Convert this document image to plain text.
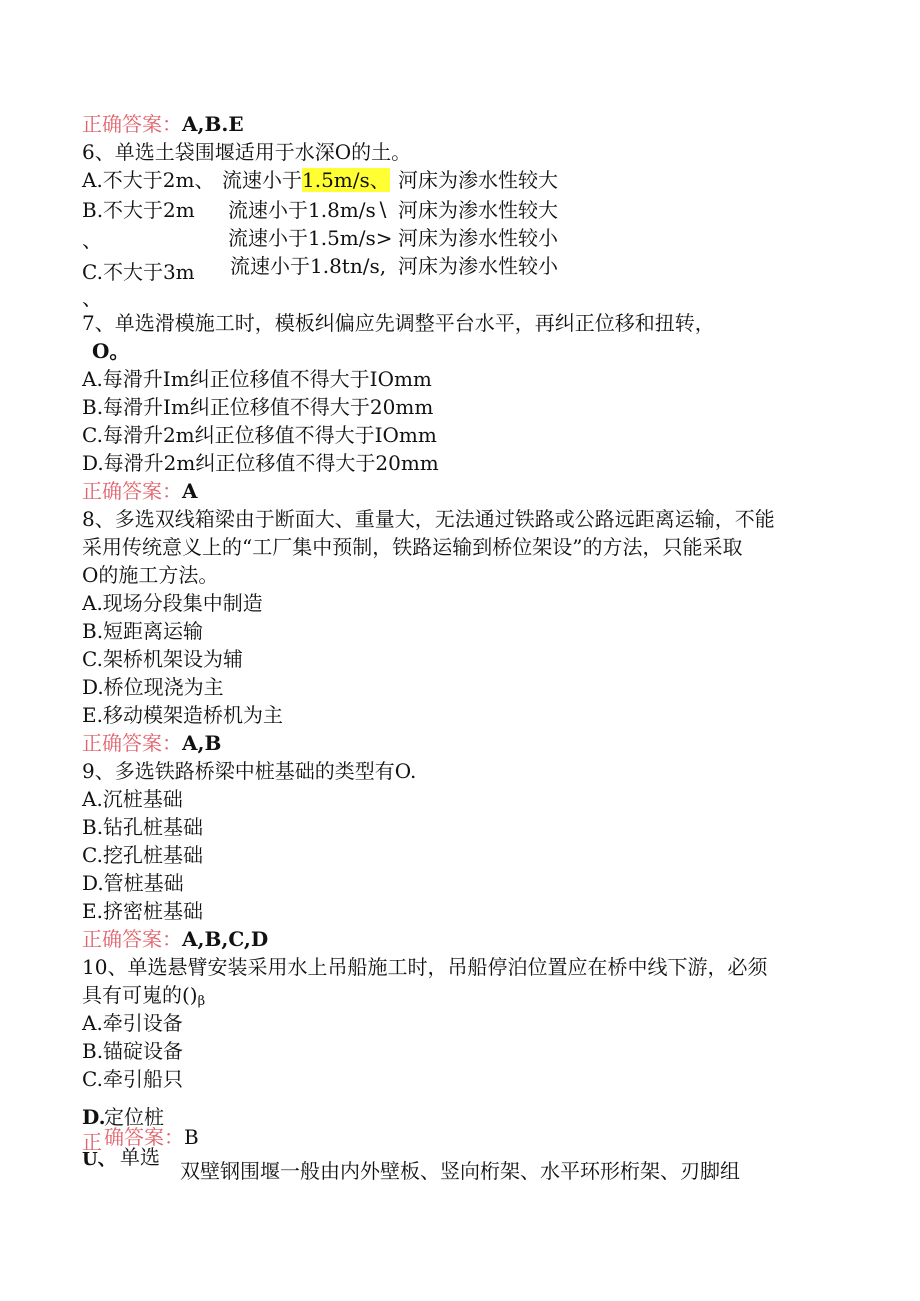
正确答案：A,B.E
6、单选土袋围堰适用于水深O的土。
A.不大于2m、 流速小于1.5m/s、 河床为渗水性较大
B.不大于2m 流速小于1.8m∕s∖ 河床为渗水性较大
、	流速小于1.5m∕s> 河床为渗水性较小
C.不大于3m 流速小于1.8tn∕s, 河床为渗水性较小
、
7、单选滑模施工时，模板纠偏应先调整平台水平，再纠正位移和扭转，
O。
A.每滑升Im纠正位移值不得大于IOmm
B.每滑升Im纠正位移值不得大于20mm
C.每滑升2m纠正位移值不得大于IOmm
D.每滑升2m纠正位移值不得大于20mm
正确答案：A
8、多选双线箱梁由于断面大、重量大，无法通过铁路或公路远距离运输，不能
采用传统意义上的“工厂集中预制，铁路运输到桥位架设”的方法，只能采取
O的施工方法。
A.现场分段集中制造
B.短距离运输
C.架桥机架设为辅
D.桥位现浇为主
E.移动模架造桥机为主
正确答案：A,B
9、多选铁路桥梁中桩基础的类型有O.
A.沉桩基础
B.钻孔桩基础
C.挖孔桩基础
D.管桩基础
E.挤密桩基础
正确答案：A,B,C,D
10、单选悬臂安装采用水上吊船施工时，吊船停泊位置应在桥中线下游，必须
具有可嵬的$()_\beta$
A.牵引设备
B.锚碇设备
C.牵引船只
D.
定位桩
正 确答案：B
U、 单选
双壁钢围堰一般由内外壁板、竖向桁架、水平环形桁架、刃脚组
